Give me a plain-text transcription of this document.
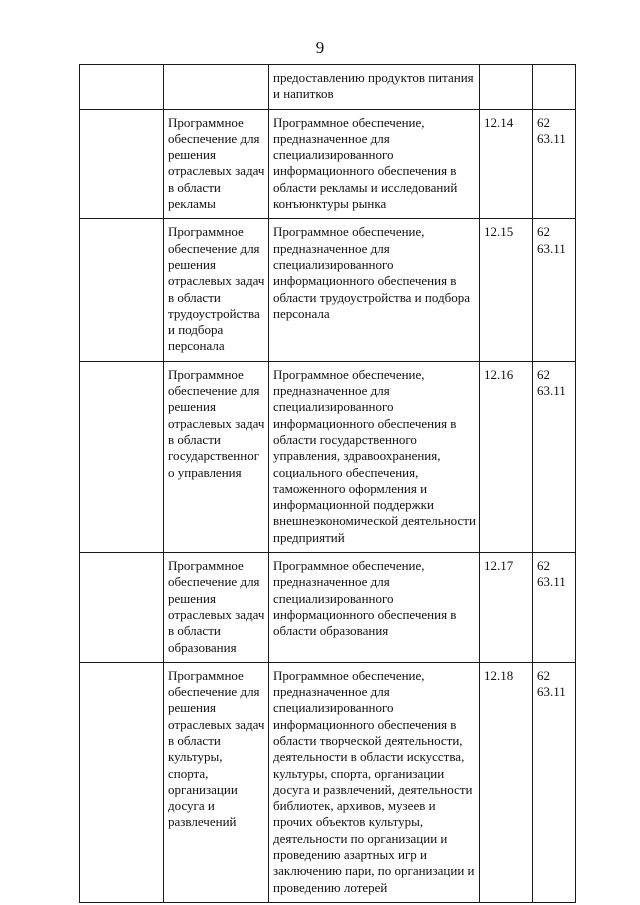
9
		предоставлению продуктов питания и напитков		

	Программное обеспечение для решения отраслевых задач в области рекламы	Программное обеспечение, предназначенное для специализированного информационного обеспечения в области рекламы и исследований конъюнктуры рынка	12.14	62
63.11

	Программное обеспечение для решения отраслевых задач в области трудоустройства и подбора персонала	Программное обеспечение, предназначенное для специализированного информационного обеспечения в области трудоустройства и подбора персонала	12.15	62
63.11

	Программное обеспечение для решения отраслевых задач в области государственного управления	Программное обеспечение, предназначенное для специализированного информационного обеспечения в области государственного управления, здравоохранения, социального обеспечения, таможенного оформления и информационной поддержки внешнеэкономической деятельности предприятий	12.16	62
63.11

	Программное обеспечение для решения отраслевых задач в области образования	Программное обеспечение, предназначенное для специализированного информационного обеспечения в области образования	12.17	62
63.11

	Программное обеспечение для решения отраслевых задач в области культуры, спорта, организации досуга и развлечений	Программное обеспечение, предназначенное для специализированного информационного обеспечения в области творческой деятельности, деятельности в области искусства, культуры, спорта, организации досуга и развлечений, деятельности библиотек, архивов, музеев и прочих объектов культуры, деятельности по организации и проведению азартных игр и заключению пари, по организации и проведению лотерей	12.18	62
63.11
